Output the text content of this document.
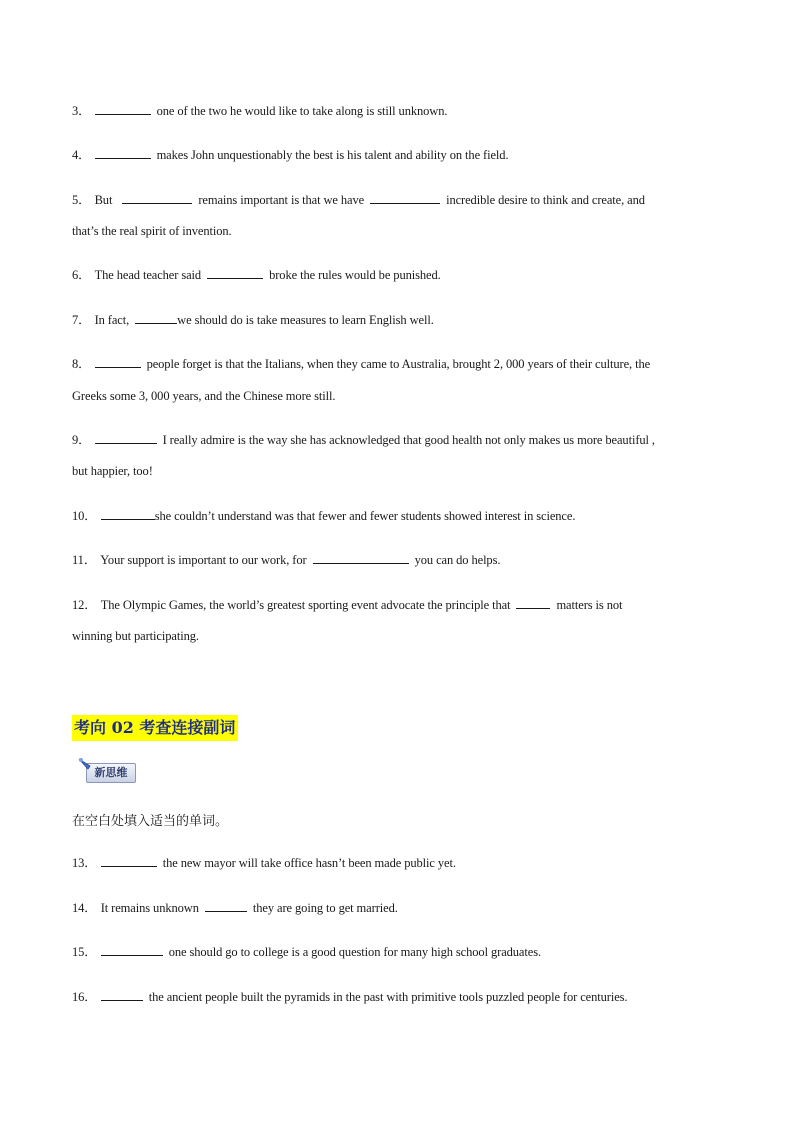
3．	one of the two he would like to take along is still unknown.
4．	makes John unquestionably the best is his talent and ability on the field.
5． But	remains important is that we have	incredible desire to think and create, and
that’s the real spirit of invention.
6． The head teacher said	broke the rules would be punished.
7． In fact,	we should do is take measures to learn English well.
8．	people forget is that the Italians, when they came to Australia, brought 2, 000 years of their culture, the
Greeks some 3, 000 years, and the Chinese more still.
9．	I really admire is the way she has acknowledged that good health not only makes us more beautiful ,
but happier, too!
10．	she couldn’t understand was that fewer and fewer students showed interest in science.
11． Your support is important to our work, for	you can do helps.
12． The Olympic Games, the world’s greatest sporting event advocate the principle that	matters is not
winning but participating.
考向 02 考查连接副词
新思维
在空白处填入适当的单词。
13．	the new mayor will take office hasn’t been made public yet.
14． It remains unknown	they are going to get married.
15．	one should go to college is a good question for many high school graduates.
16．	the ancient people built the pyramids in the past with primitive tools puzzled people for centuries.
